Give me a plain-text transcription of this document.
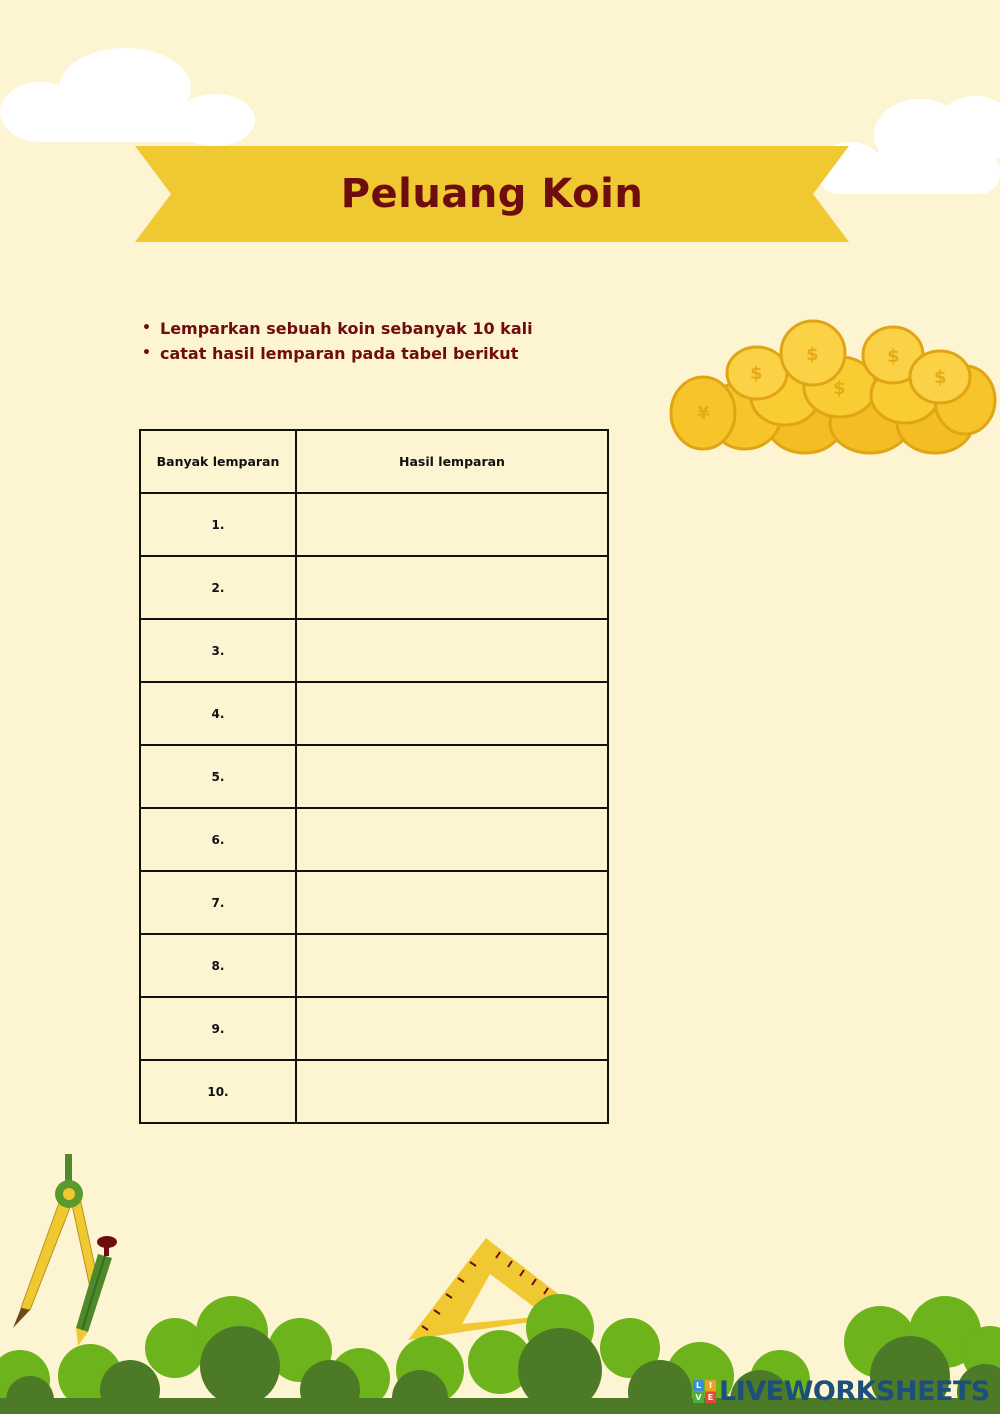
Peluang Koin
• Lemparkan sebuah koin sebanyak 10 kali
• catat hasil lemparan pada tabel berikut
$
$	$
$
$
¥
Banyak lemparan	Hasil lemparan
1.	
2.	
3.	
4.	
5.	
6.	
7.	
8.	
9.	
10.	
L I
V E LIVEWORKSHEETS
